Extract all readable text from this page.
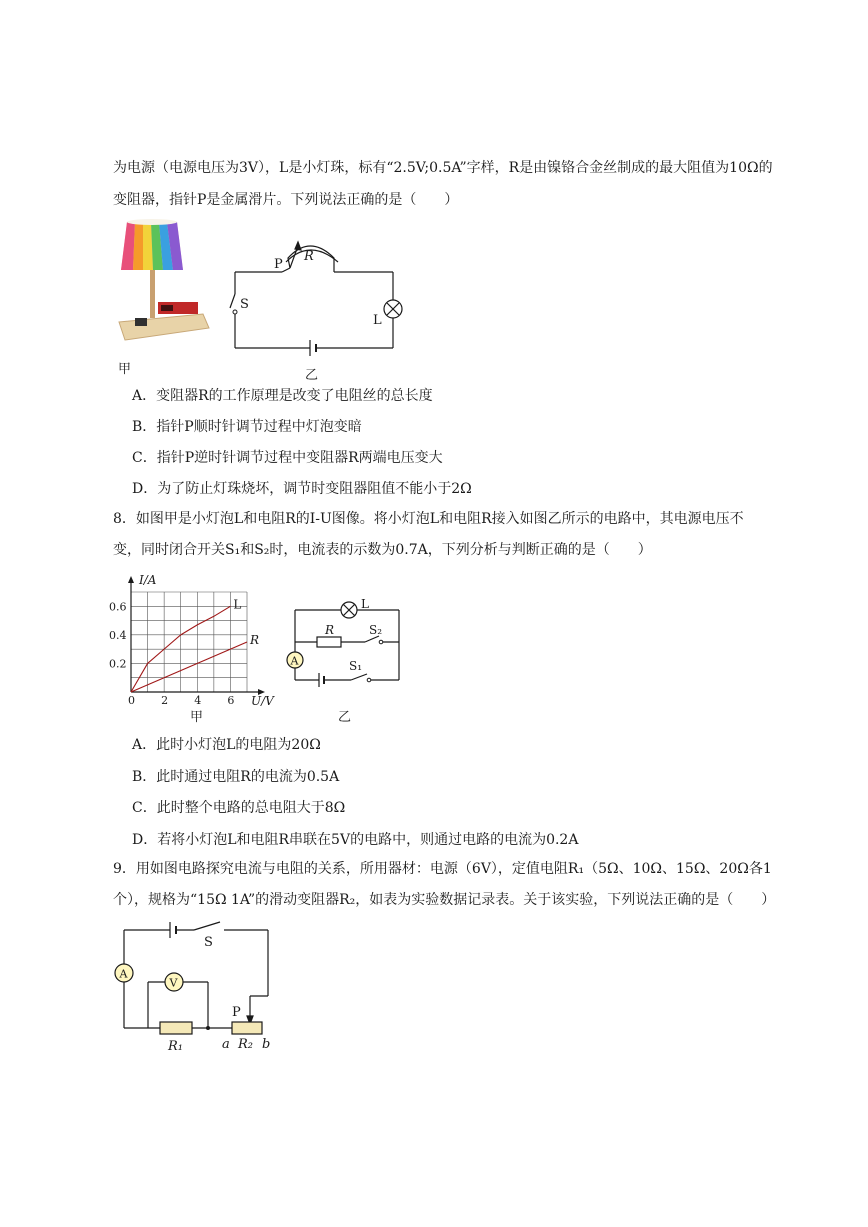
为电源（电源电压为3V），L是小灯珠，标有“2.5V;0.5A”字样，R是由镍铬合金丝制成的最大阻值为10Ω的
变阻器，指针P是金属滑片。下列说法正确的是（　　）
甲
P
R
S
L
乙
A．变阻器R的工作原理是改变了电阻丝的总长度
B．指针P顺时针调节过程中灯泡变暗
C．指针P逆时针调节过程中变阻器R两端电压变大
D．为了防止灯珠烧坏，调节时变阻器阻值不能小于2Ω
8．如图甲是小灯泡L和电阻R的I-U图像。将小灯泡L和电阻R接入如图乙所示的电路中，其电源电压不
变，同时闭合开关S₁和S₂时，电流表的示数为0.7A，下列分析与判断正确的是（　　）
0 2 4 6
0.2
0.4
0.6
U/V
I/A
L
R
甲
A
L
R	S₂
S₁
乙
A．此时小灯泡L的电阻为20Ω
B．此时通过电阻R的电流为0.5A
C．此时整个电路的总电阻大于8Ω
D．若将小灯泡L和电阻R串联在5V的电路中，则通过电路的电流为0.2A
9．用如图电路探究电流与电阻的关系，所用器材：电源（6V），定值电阻R₁（5Ω、10Ω、15Ω、20Ω各1
个），规格为“15Ω 1A”的滑动变阻器R₂，如表为实验数据记录表。关于该实验，下列说法正确的是（　　）
A
V
S
P
R₁	a R₂ b
